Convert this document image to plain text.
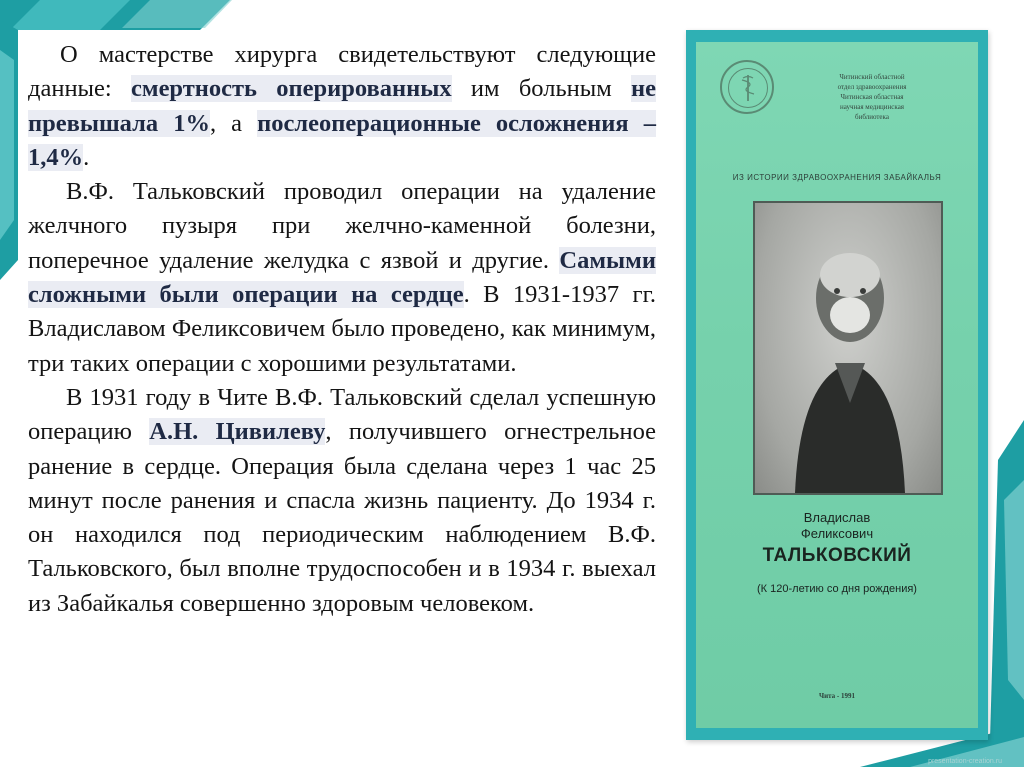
О мастерстве хирурга свидетельствуют следующие данные: смертность оперированных им больным не превышала 1%, а послеоперационные осложнения – 1,4%.

В.Ф. Тальковский проводил операции на удаление желчного пузыря при желчно-каменной болезни, поперечное удаление желудка с язвой и другие. Самыми сложными были операции на сердце. В 1931-1937 гг. Владиславом Феликсовичем было проведено, как минимум, три таких операции с хорошими результатами.

В 1931 году в Чите В.Ф. Тальковский сделал успешную операцию А.Н. Цивилеву, получившего огнестрельное ранение в сердце. Операция была сделана через 1 час 25 минут после ранения и спасла жизнь пациенту. До 1934 г. он находился под периодическим наблюдением В.Ф. Тальковского, был вполне трудоспособен и в 1934 г. выехал из Забайкалья совершенно здоровым человеком.

Читинский областной
отдел здравоохранения
Читинская областная
научная медицинская
библиотека
ИЗ ИСТОРИИ ЗДРАВООХРАНЕНИЯ ЗАБАЙКАЛЬЯ
Владислав
Феликсович
ТАЛЬКОВСКИЙ
(К 120-летию со дня рождения)
Чита - 1991
presentation-creation.ru
